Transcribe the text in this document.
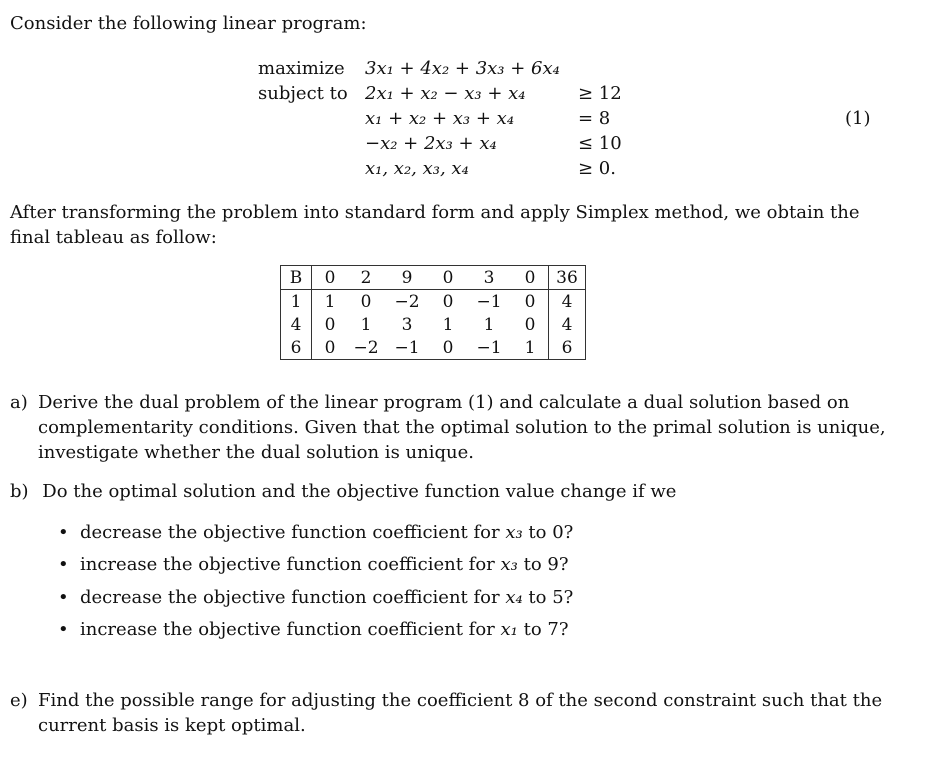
Consider the following linear program:
maximize 3x₁ + 4x₂ + 3x₃ + 6x₄
subject to 2x₁ + x₂ − x₃ + x₄	≥ 12
x₁ + x₂ + x₃ + x₄	= 8
−x₂ + 2x₃ + x₄	≤ 10
x₁, x₂, x₃, x₄	≥ 0.
(1)
After transforming the problem into standard form and apply Simplex method, we obtain the final tableau as follow:
B	0	2	9	0	3	0	36
1	1	0	−2	0	−1	0	4
4	0	1	3	1	1	0	4
6	0	−2	−1	0	−1	1	6
a) Derive the dual problem of the linear program (1) and calculate a dual solution based on complementarity conditions. Given that the optimal solution to the primal solution is unique, investigate whether the dual solution is unique.
b) Do the optimal solution and the objective function value change if we
• decrease the objective function coefficient for x₃ to 0?
• increase the objective function coefficient for x₃ to 9?
• decrease the objective function coefficient for x₄ to 5?
• increase the objective function coefficient for x₁ to 7?
e) Find the possible range for adjusting the coefficient 8 of the second constraint such that the current basis is kept optimal.
